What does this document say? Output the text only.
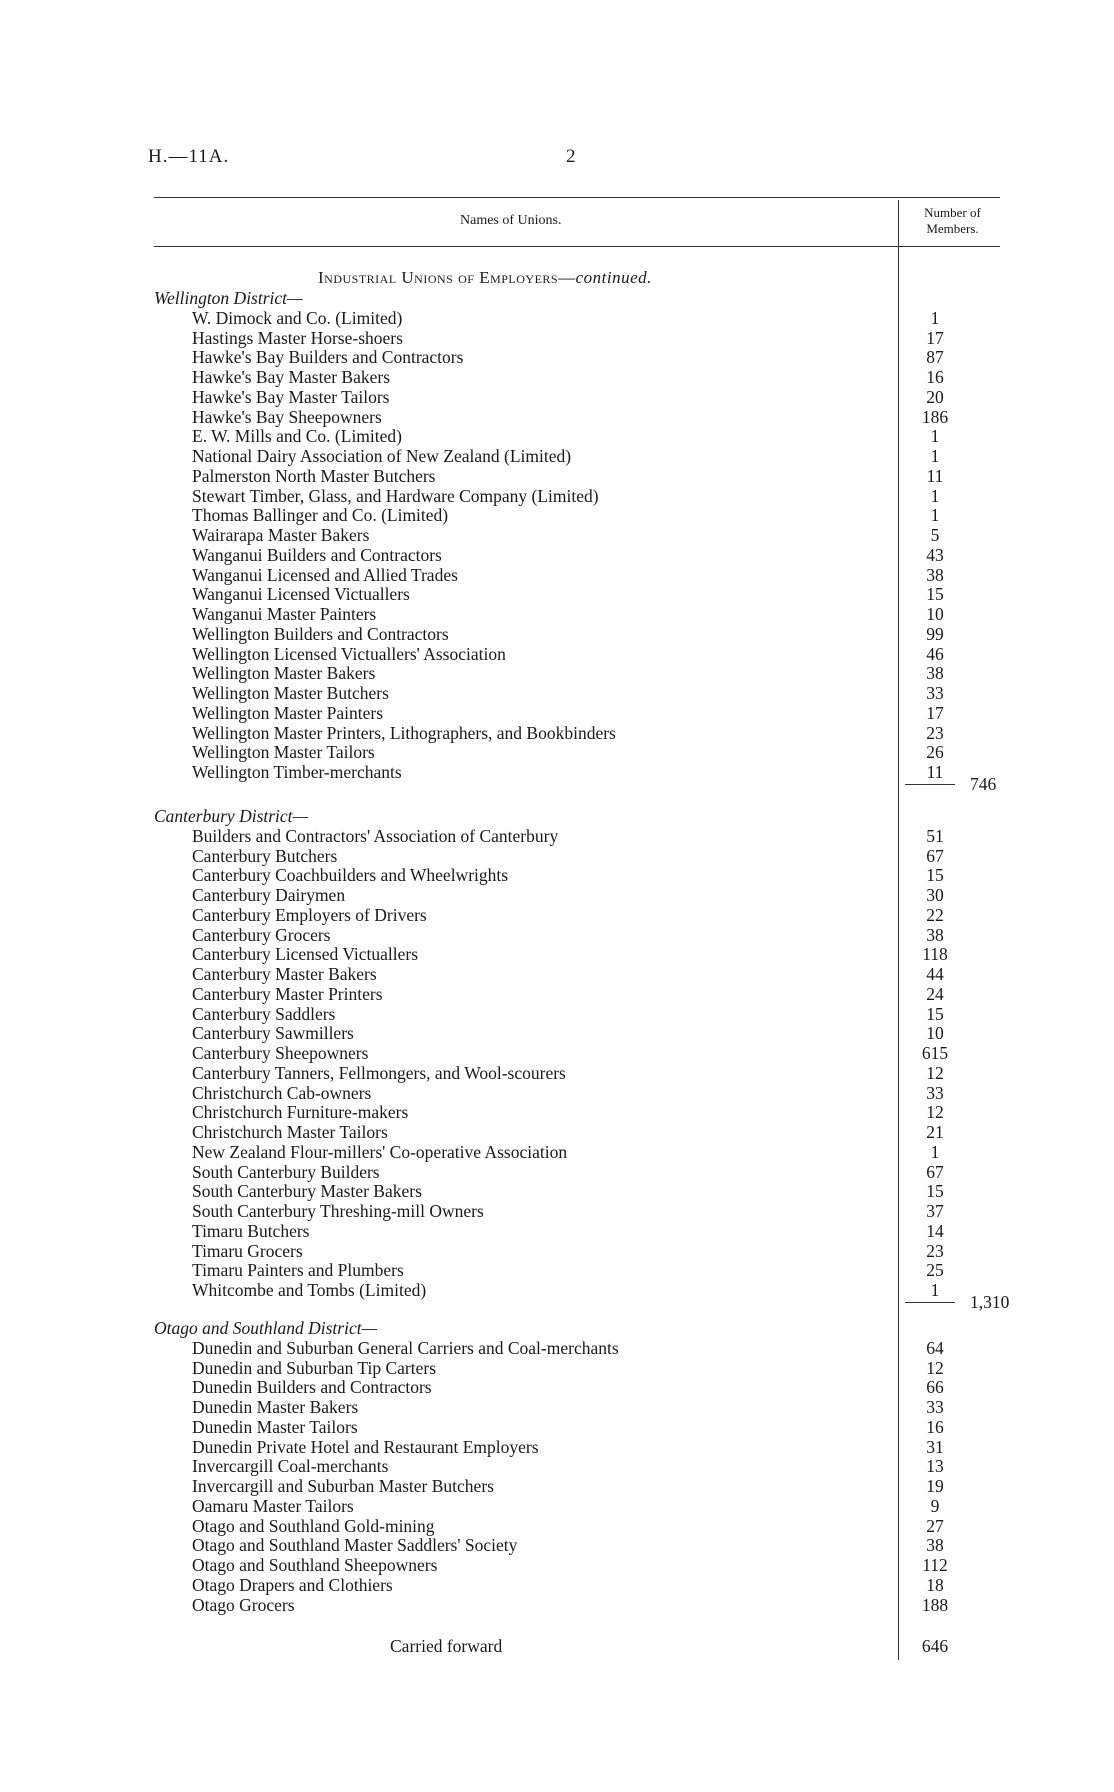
H.—11A.	2
Names of Unions.
Number of
Members.
Industrial Unions of Employers—continued.
Wellington District—
W. Dimock and Co. (Limited)	1
Hastings Master Horse-shoers	17
Hawke's Bay Builders and Contractors	87
Hawke's Bay Master Bakers	16
Hawke's Bay Master Tailors	20
Hawke's Bay Sheepowners	186
E. W. Mills and Co. (Limited)	1
National Dairy Association of New Zealand (Limited)	1
Palmerston North Master Butchers	11
Stewart Timber, Glass, and Hardware Company (Limited)	1
Thomas Ballinger and Co. (Limited)	1
Wairarapa Master Bakers	5
Wanganui Builders and Contractors	43
Wanganui Licensed and Allied Trades	38
Wanganui Licensed Victuallers	15
Wanganui Master Painters	10
Wellington Builders and Contractors	99
Wellington Licensed Victuallers' Association	46
Wellington Master Bakers	38
Wellington Master Butchers	33
Wellington Master Painters	17
Wellington Master Printers, Lithographers, and Bookbinders	23
Wellington Master Tailors	26
Wellington Timber-merchants	11
746
Canterbury District—
Builders and Contractors' Association of Canterbury	51
Canterbury Butchers	67
Canterbury Coachbuilders and Wheelwrights	15
Canterbury Dairymen	30
Canterbury Employers of Drivers	22
Canterbury Grocers	38
Canterbury Licensed Victuallers	118
Canterbury Master Bakers	44
Canterbury Master Printers	24
Canterbury Saddlers	15
Canterbury Sawmillers	10
Canterbury Sheepowners	615
Canterbury Tanners, Fellmongers, and Wool-scourers	12
Christchurch Cab-owners	33
Christchurch Furniture-makers	12
Christchurch Master Tailors	21
New Zealand Flour-millers' Co-operative Association	1
South Canterbury Builders	67
South Canterbury Master Bakers	15
South Canterbury Threshing-mill Owners	37
Timaru Butchers	14
Timaru Grocers	23
Timaru Painters and Plumbers	25
Whitcombe and Tombs (Limited)	1
1,310
Otago and Southland District—
Dunedin and Suburban General Carriers and Coal-merchants	64
Dunedin and Suburban Tip Carters	12
Dunedin Builders and Contractors	66
Dunedin Master Bakers	33
Dunedin Master Tailors	16
Dunedin Private Hotel and Restaurant Employers	31
Invercargill Coal-merchants	13
Invercargill and Suburban Master Butchers	19
Oamaru Master Tailors	9
Otago and Southland Gold-mining	27
Otago and Southland Master Saddlers' Society	38
Otago and Southland Sheepowners	112
Otago Drapers and Clothiers	18
Otago Grocers	188
Carried forward	646
